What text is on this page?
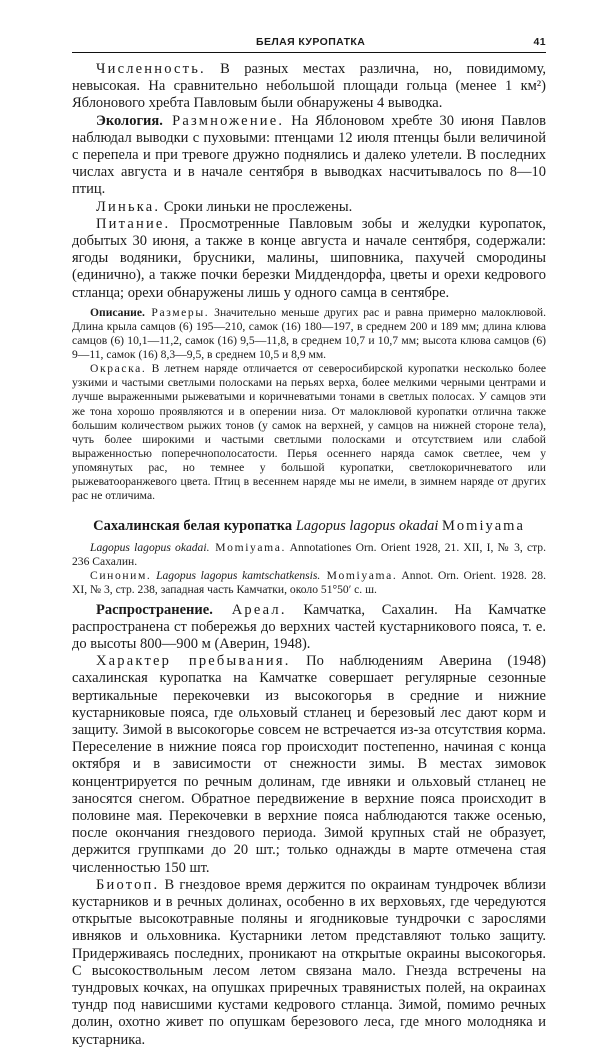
БЕЛАЯ КУРОПАТКА	41

Численность. В разных местах различна, но, повидимому, невысокая. На сравнительно небольшой площади гольца (менее 1 км²) Яблонового хребта Павловым были обнаружены 4 выводка.

Экология. Размножение. На Яблоновом хребте 30 июня Павлов наблюдал выводки с пуховыми: птенцами 12 июля птенцы были величиной с перепела и при тревоге дружно поднялись и далеко улетели. В последних числах августа и в начале сентября в выводках насчитывалось по 8—10 птиц.

Линька. Сроки линьки не прослежены.

Питание. Просмотренные Павловым зобы и желудки куропаток, добытых 30 июня, а также в конце августа и начале сентября, содержали: ягоды водяники, брусники, малины, шиповника, пахучей смородины (единично), а также почки березки Миддендорфа, цветы и орехи кедрового стланца; орехи обнаружены лишь у одного самца в сентябре.

Описание. Размеры. Значительно меньше других рас и равна примерно малоклювой. Длина крыла самцов (6) 195—210, самок (16) 180—197, в среднем 200 и 189 мм; длина клюва самцов (6) 10,1—11,2, самок (16) 9,5—11,8, в среднем 10,7 и 10,7 мм; высота клюва самцов (6) 9—11, самок (16) 8,3—9,5, в среднем 10,5 и 8,9 мм.

Окраска. В летнем наряде отличается от северосибирской куропатки несколько более узкими и частыми светлыми полосками на перьях верха, более мелкими черными центрами и лучше выраженными рыжеватыми и коричневатыми тонами в светлых полосах. У самцов эти же тона хорошо проявляются и в оперении низа. От малоклювой куропатки отлична также большим количеством рыжих тонов (у самок на верхней, у самцов на нижней стороне тела), чуть более широкими и частыми светлыми полосками и отсутствием или слабой выраженностью поперечнополосатости. Перья осеннего наряда самок светлее, чем у упомянутых рас, но темнее у большой куропатки, светлокоричневатого или рыжеватооранжевого цвета. Птиц в весеннем наряде мы не имели, в зимнем наряде от других рас не отличима.

Сахалинская белая куропатка Lagopus lagopus okadai Momiyama

Lagopus lagopus okadai. Momiyama. Annotationes Orn. Orient 1928, 21. XII, I, № 3, стр. 236 Сахалин.

Синоним. Lagopus lagopus kamtschatkensis. Momiyama. Annot. Orn. Orient. 1928. 28. XI, № 3, стр. 238, западная часть Камчатки, около 51°50′ с. ш.

Распространение. Ареал. Камчатка, Сахалин. На Камчатке распространена ст побережья до верхних частей кустарникового пояса, т. е. до высоты 800—900 м (Аверин, 1948).

Характер пребывания. По наблюдениям Аверина (1948) сахалинская куропатка на Камчатке совершает регулярные сезонные вертикальные перекочевки из высокогорья в средние и нижние кустарниковые пояса, где ольховый стланец и березовый лес дают корм и защиту. Зимой в высокогорье совсем не встречается из-за отсутствия корма. Переселение в нижние пояса гор происходит постепенно, начиная с конца октября и в зависимости от снежности зимы. В местах зимовок концентрируется по речным долинам, где ивняки и ольховый стланец не заносятся снегом. Обратное передвижение в верхние пояса происходит в половине мая. Перекочевки в верхние пояса наблюдаются также осенью, после окончания гнездового периода. Зимой крупных стай не образует, держится группками до 20 шт.; только однажды в марте отмечена стая численностью 150 шт.

Биотоп. В гнездовое время держится по окраинам тундрочек вблизи кустарников и в речных долинах, особенно в их верховьях, где чередуются открытые высокотравные поляны и ягодниковые тундрочки с зарослями ивняков и ольховника. Кустарники летом представляют только защиту. Придерживаясь последних, проникают на открытые окраины высокогорья. С высокоствольным лесом летом связана мало. Гнезда встречены на тундровых кочках, на опушках приречных травянистых полей, на окраинах тундр под нависшими кустами кедрового стланца. Зимой, помимо речных долин, охотно живет по опушкам березового леса, где много молодняка и кустарника.
